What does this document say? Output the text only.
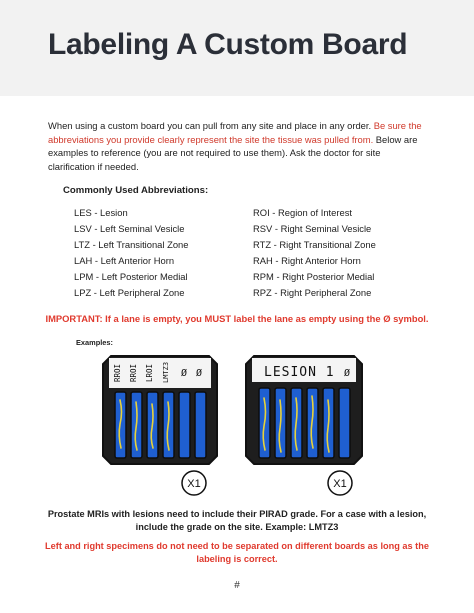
Labeling A Custom Board

When using a custom board you can pull from any site and place in any order. Be sure the abbreviations you provide clearly represent the site the tissue was pulled from. Below are examples to reference (you are not required to use them). Ask the doctor for site clarification if needed.

Commonly Used Abbreviations:

LES - Lesion
LSV - Left Seminal Vesicle
LTZ - Left Transitional Zone
LAH - Left Anterior Horn
LPM - Left Posterior Medial
LPZ - Left Peripheral Zone
ROI - Region of Interest
RSV - Right Seminal Vesicle
RTZ - Right Transitional Zone
RAH - Right Anterior Horn
RPM - Right Posterior Medial
RPZ - Right Peripheral Zone

IMPORTANT: If a lane is empty, you MUST label the lane as empty using the Ø symbol.

Examples:

RROI RROI LROI LMTZ3 Ø Ø
X1
LESION 1 Ø
X1

Prostate MRIs with lesions need to include their PIRAD grade. For a case with a lesion, include the grade on the site. Example: LMTZ3

Left and right specimens do not need to be separated on different boards as long as the labeling is correct.

#
